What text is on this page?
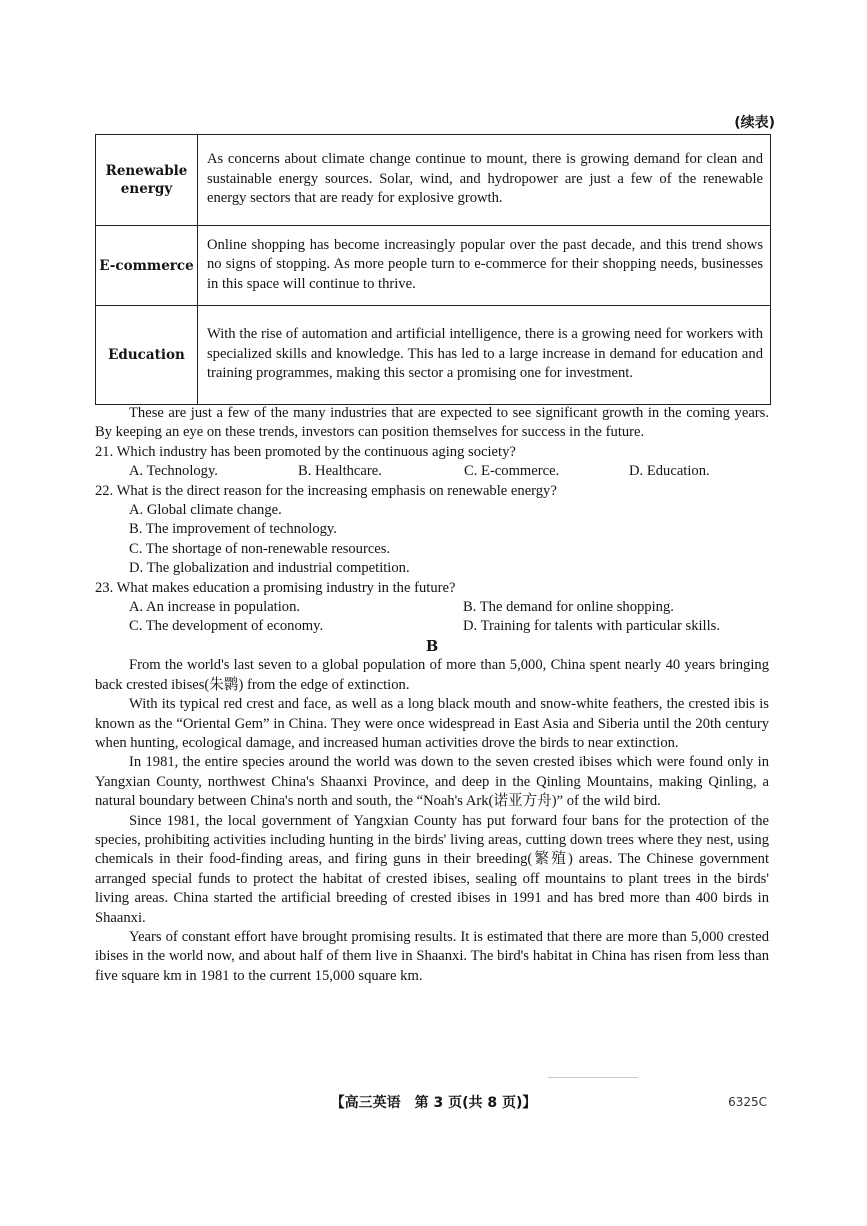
(续表)
Renewable
energy	As concerns about climate change continue to mount, there is growing demand for clean and sustainable energy sources. Solar, wind, and hydropower are just a few of the renewable energy sectors that are ready for explosive growth.
E-commerce	Online shopping has become increasingly popular over the past decade, and this trend shows no signs of stopping. As more people turn to e-commerce for their shopping needs, businesses in this space will continue to thrive.
Education	With the rise of automation and artificial intelligence, there is a growing need for workers with specialized skills and knowledge. This has led to a large increase in demand for education and training programmes, making this sector a promising one for investment.

These are just a few of the many industries that are expected to see significant growth in the coming years. By keeping an eye on these trends, investors can position themselves for success in the future.

21. Which industry has been promoted by the continuous aging society?

A. Technology.	B. Healthcare.	C. E-commerce.	D. Education.

22. What is the direct reason for the increasing emphasis on renewable energy?

A. Global climate change.
B. The improvement of technology.
C. The shortage of non-renewable resources.
D. The globalization and industrial competition.

23. What makes education a promising industry in the future?

A. An increase in population.	B. The demand for online shopping.
C. The development of economy.	D. Training for talents with particular skills.
B

From the world's last seven to a global population of more than 5,000, China spent nearly 40 years bringing back crested ibises(朱鹮) from the edge of extinction.

With its typical red crest and face, as well as a long black mouth and snow-white feathers, the crested ibis is known as the “Oriental Gem” in China. They were once widespread in East Asia and Siberia until the 20th century when hunting, ecological damage, and increased human activities drove the birds to near extinction.

In 1981, the entire species around the world was down to the seven crested ibises which were found only in Yangxian County, northwest China's Shaanxi Province, and deep in the Qinling Mountains, making Qinling, a natural boundary between China's north and south, the “Noah's Ark(诺亚方舟)” of the wild bird.

Since 1981, the local government of Yangxian County has put forward four bans for the protection of the species, prohibiting activities including hunting in the birds' living areas, cutting down trees where they nest, using chemicals in their food-finding areas, and firing guns in their breeding(繁殖) areas. The Chinese government arranged special funds to protect the habitat of crested ibises, sealing off mountains to plant trees in the birds' living areas. China started the artificial breeding of crested ibises in 1991 and has bred more than 400 birds in Shaanxi.

Years of constant effort have brought promising results. It is estimated that there are more than 5,000 crested ibises in the world now, and about half of them live in Shaanxi. The bird's habitat in China has risen from less than five square km in 1981 to the current 15,000 square km.

【高三英语　第 3 页(共 8 页)】	6325C
